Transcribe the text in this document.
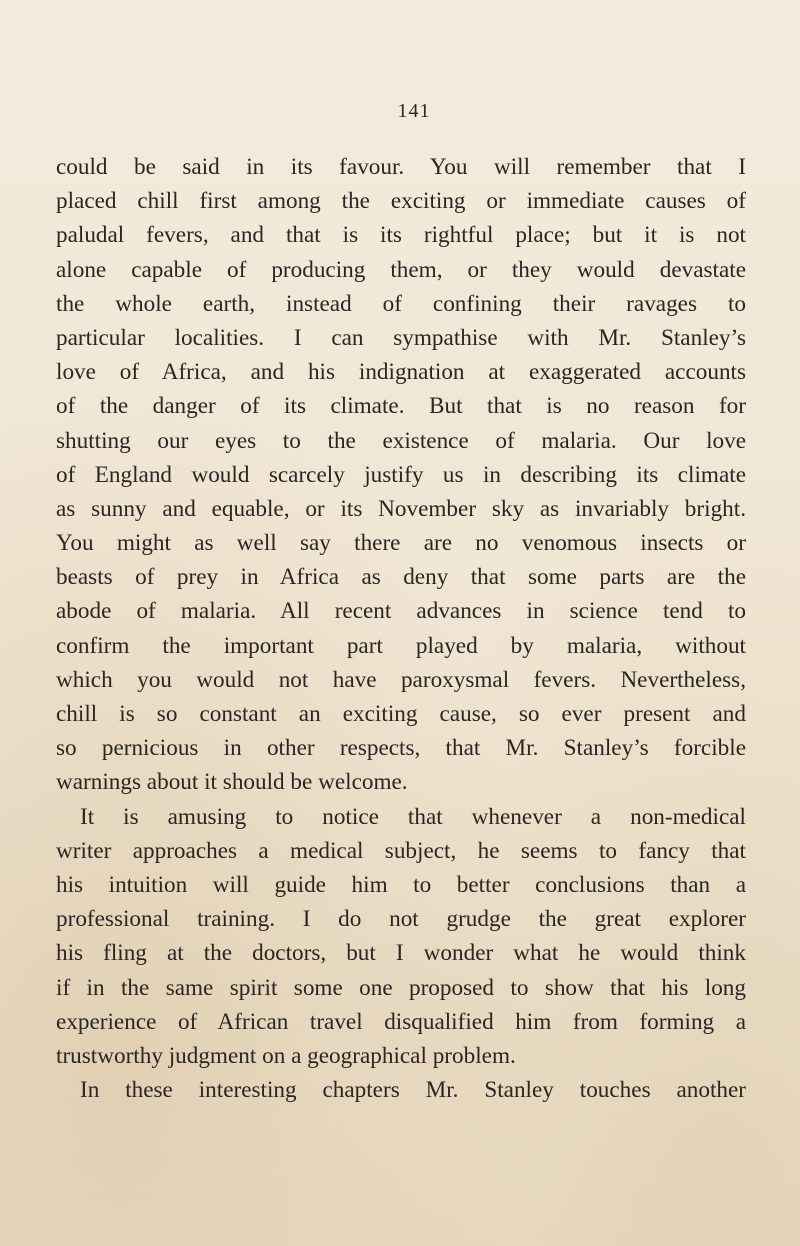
141
could be said in its favour. You will remember that I
placed chill first among the exciting or immediate causes of
paludal fevers, and that is its rightful place; but it is not
alone capable of producing them, or they would devastate
the whole earth, instead of confining their ravages to
particular localities. I can sympathise with Mr. Stanley’s
love of Africa, and his indignation at exaggerated accounts
of the danger of its climate. But that is no reason for
shutting our eyes to the existence of malaria. Our love
of England would scarcely justify us in describing its climate
as sunny and equable, or its November sky as invariably bright.
You might as well say there are no venomous insects or
beasts of prey in Africa as deny that some parts are the
abode of malaria. All recent advances in science tend to
confirm the important part played by malaria, without
which you would not have paroxysmal fevers. Nevertheless,
chill is so constant an exciting cause, so ever present and
so pernicious in other respects, that Mr. Stanley’s forcible
warnings about it should be welcome.
It is amusing to notice that whenever a non-medical
writer approaches a medical subject, he seems to fancy that
his intuition will guide him to better conclusions than a
professional training. I do not grudge the great explorer
his fling at the doctors, but I wonder what he would think
if in the same spirit some one proposed to show that his long
experience of African travel disqualified him from forming a
trustworthy judgment on a geographical problem.
In these interesting chapters Mr. Stanley touches another
